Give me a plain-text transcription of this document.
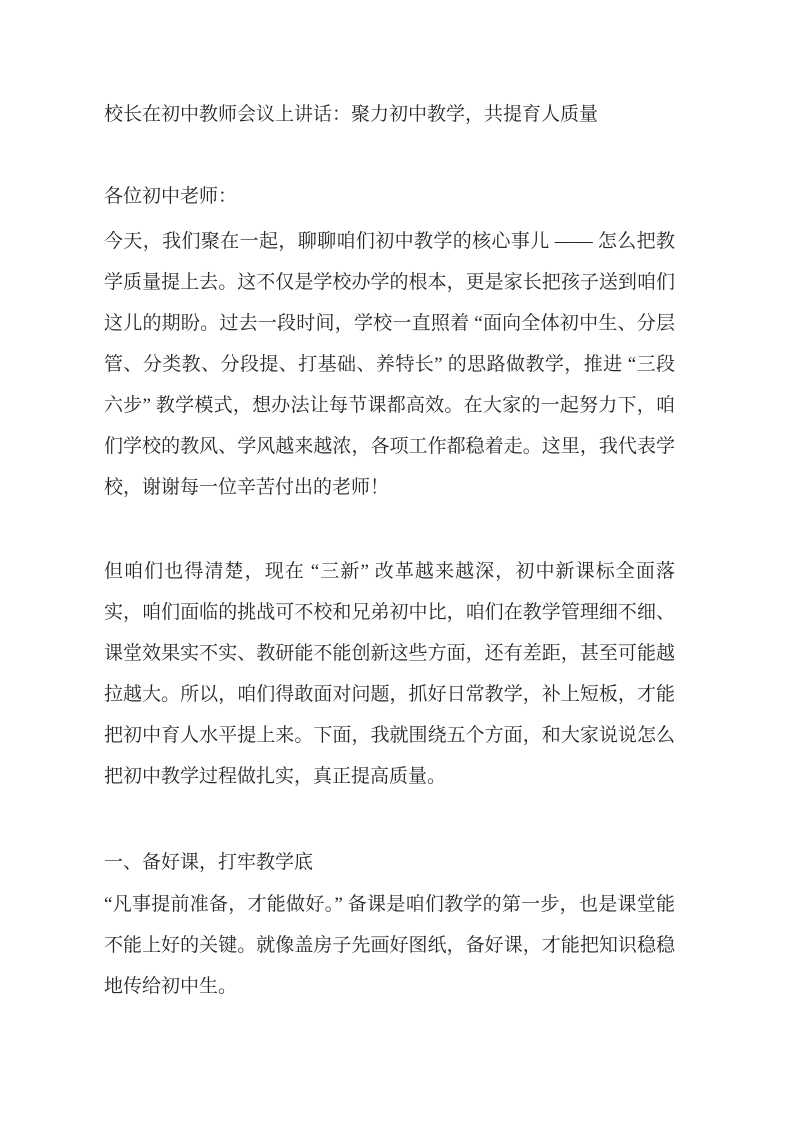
校长在初中教师会议上讲话：聚力初中教学，共提育人质量
各位初中老师：
今天，我们聚在一起，聊聊咱们初中教学的核心事儿 —— 怎么把教学质量提上去。这不仅是学校办学的根本，更是家长把孩子送到咱们这儿的期盼。过去一段时间，学校一直照着 “面向全体初中生、分层管、分类教、分段提、打基础、养特长” 的思路做教学，推进 “三段六步” 教学模式，想办法让每节课都高效。在大家的一起努力下，咱们学校的教风、学风越来越浓，各项工作都稳着走。这里，我代表学校，谢谢每一位辛苦付出的老师！
但咱们也得清楚，现在 “三新” 改革越来越深，初中新课标全面落实，咱们面临的挑战可不校和兄弟初中比，咱们在教学管理细不细、课堂效果实不实、教研能不能创新这些方面，还有差距，甚至可能越拉越大。所以，咱们得敢面对问题，抓好日常教学，补上短板，才能把初中育人水平提上来。下面，我就围绕五个方面，和大家说说怎么把初中教学过程做扎实，真正提高质量。
一、备好课，打牢教学底
“凡事提前准备，才能做好。” 备课是咱们教学的第一步，也是课堂能不能上好的关键。就像盖房子先画好图纸，备好课，才能把知识稳稳地传给初中生。
